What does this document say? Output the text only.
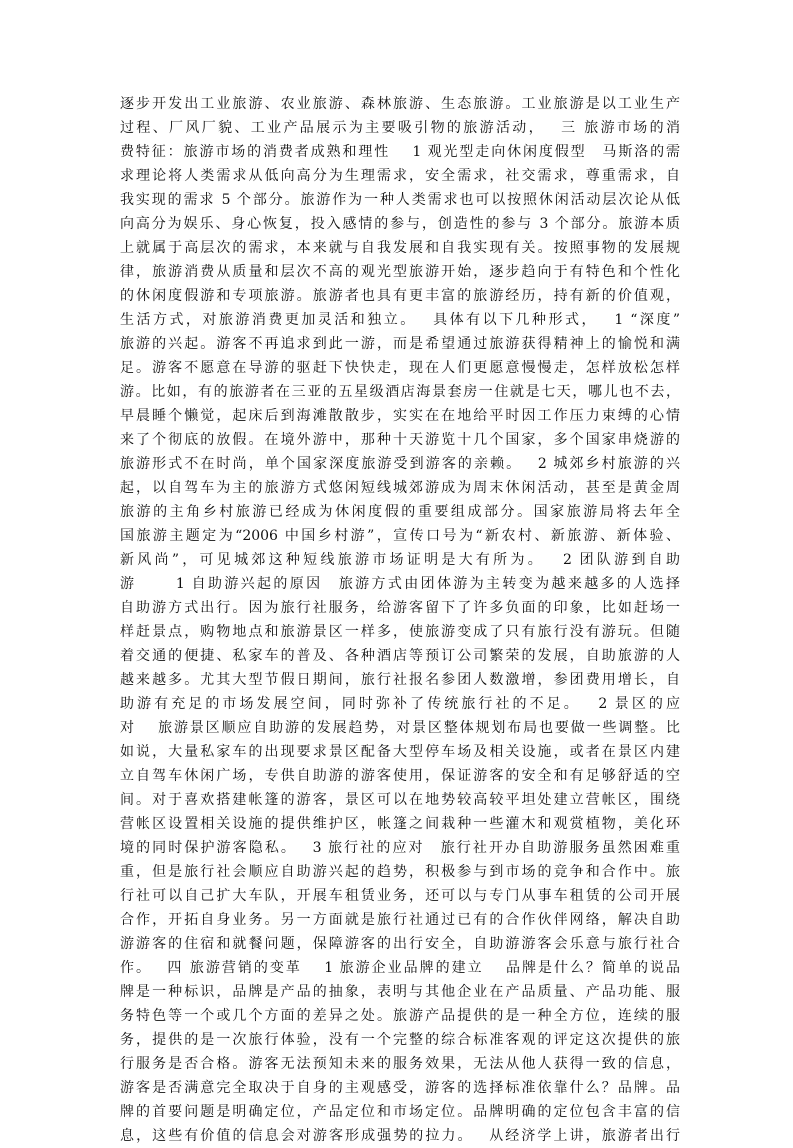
逐步开发出工业旅游、农业旅游、森林旅游、生态旅游。工业旅游是以工业生产
过程、厂风厂貌、工业产品展示为主要吸引物的旅游活动，　 三 旅游市场的消
费特征：旅游市场的消费者成熟和理性　 1 观光型走向休闲度假型　马斯洛的需
求理论将人类需求从低向高分为生理需求，安全需求，社交需求，尊重需求，自
我实现的需求 5 个部分。旅游作为一种人类需求也可以按照休闲活动层次论从低
向高分为娱乐、身心恢复，投入感情的参与，创造性的参与 3 个部分。旅游本质
上就属于高层次的需求，本来就与自我发展和自我实现有关。按照事物的发展规
律，旅游消费从质量和层次不高的观光型旅游开始，逐步趋向于有特色和个性化
的休闲度假游和专项旅游。旅游者也具有更丰富的旅游经历，持有新的价值观，
生活方式，对旅游消费更加灵活和独立。　 具体有以下几种形式，　 1 “深度”
旅游的兴起。游客不再追求到此一游，而是希望通过旅游获得精神上的愉悦和满
足。游客不愿意在导游的驱赶下快快走，现在人们更愿意慢慢走，怎样放松怎样
游。比如，有的旅游者在三亚的五星级酒店海景套房一住就是七天，哪儿也不去，
早晨睡个懒觉，起床后到海滩散散步，实实在在地给平时因工作压力束缚的心情
来了个彻底的放假。在境外游中，那种十天游览十几个国家，多个国家串烧游的
旅游形式不在时尚，单个国家深度旅游受到游客的亲赖。　 2 城郊乡村旅游的兴
起，以自驾车为主的旅游方式悠闲短线城郊游成为周末休闲活动，甚至是黄金周
旅游的主角乡村旅游已经成为休闲度假的重要组成部分。国家旅游局将去年全
国旅游主题定为“2006 中国乡村游”，宣传口号为“新农村、新旅游、新体验、
新风尚”，可见城郊这种短线旅游市场证明是大有所为。　 2 团队游到自助
游　　 1 自助游兴起的原因　旅游方式由团体游为主转变为越来越多的人选择
自助游方式出行。因为旅行社服务，给游客留下了许多负面的印象，比如赶场一
样赶景点，购物地点和旅游景区一样多，使旅游变成了只有旅行没有游玩。但随
着交通的便捷、私家车的普及、各种酒店等预订公司繁荣的发展，自助旅游的人
越来越多。尤其大型节假日期间，旅行社报名参团人数激增，参团费用增长，自
助游有充足的市场发展空间，同时弥补了传统旅行社的不足。　 2 景区的应
对　 旅游景区顺应自助游的发展趋势，对景区整体规划布局也要做一些调整。比
如说，大量私家车的出现要求景区配备大型停车场及相关设施，或者在景区内建
立自驾车休闲广场，专供自助游的游客使用，保证游客的安全和有足够舒适的空
间。对于喜欢搭建帐篷的游客，景区可以在地势较高较平坦处建立营帐区，围绕
营帐区设置相关设施的提供维护区，帐篷之间栽种一些灌木和观赏植物，美化环
境的同时保护游客隐私。　 3 旅行社的应对　旅行社开办自助游服务虽然困难重
重，但是旅行社会顺应自助游兴起的趋势，积极参与到市场的竞争和合作中。旅
行社可以自己扩大车队，开展车租赁业务，还可以与专门从事车租赁的公司开展
合作，开拓自身业务。另一方面就是旅行社通过已有的合作伙伴网络，解决自助
游游客的住宿和就餐问题，保障游客的出行安全，自助游游客会乐意与旅行社合
作。　 四 旅游营销的变革　 1 旅游企业品牌的建立　 品牌是什么？简单的说品
牌是一种标识，品牌是产品的抽象，表明与其他企业在产品质量、产品功能、服
务特色等一个或几个方面的差异之处。旅游产品提供的是一种全方位，连续的服
务，提供的是一次旅行体验，没有一个完整的综合标准客观的评定这次提供的旅
行服务是否合格。游客无法预知未来的服务效果，无法从他人获得一致的信息，
游客是否满意完全取决于自身的主观感受，游客的选择标准依靠什么？品牌。品
牌的首要问题是明确定位，产品定位和市场定位。品牌明确的定位包含丰富的信
息，这些有价值的信息会对游客形成强势的拉力。　 从经济学上讲，旅游者出行
